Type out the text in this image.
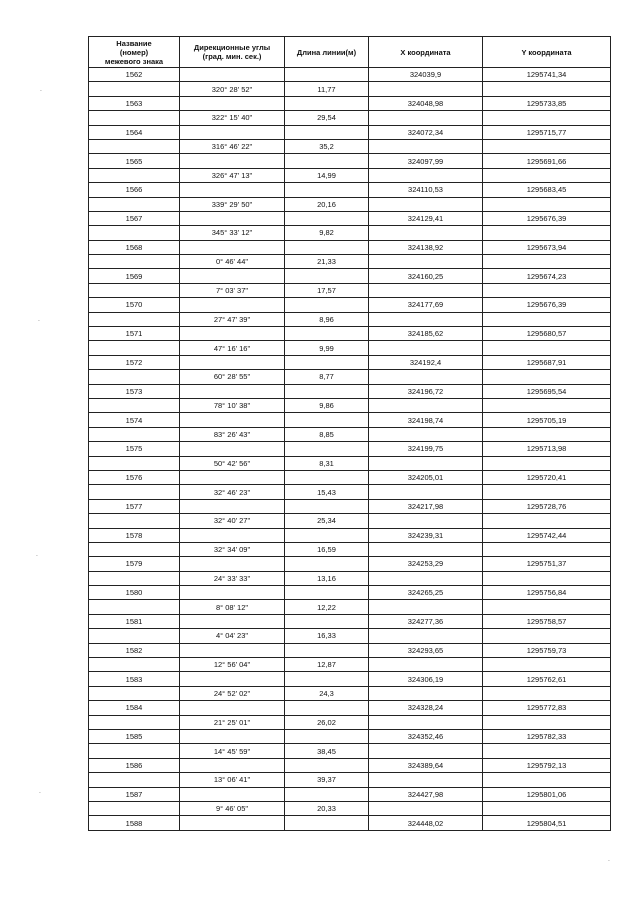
Название
(номер)
межевого знака	Дирекционные углы
(град. мин. сек.)	Длина линии(м)	X координата	Y координата
1562			324039,9	1295741,34
	320° 28' 52"	11,77		
1563			324048,98	1295733,85
	322° 15' 40"	29,54		
1564			324072,34	1295715,77
	316° 46' 22"	35,2		
1565			324097,99	1295691,66
	326° 47' 13"	14,99		
1566			324110,53	1295683,45
	339° 29' 50"	20,16		
1567			324129,41	1295676,39
	345° 33' 12"	9,82		
1568			324138,92	1295673,94
	0° 46' 44"	21,33		
1569			324160,25	1295674,23
	7° 03' 37"	17,57		
1570			324177,69	1295676,39
	27° 47' 39"	8,96		
1571			324185,62	1295680,57
	47° 16' 16"	9,99		
1572			324192,4	1295687,91
	60° 28' 55"	8,77		
1573			324196,72	1295695,54
	78° 10' 38"	9,86		
1574			324198,74	1295705,19
	83° 26' 43"	8,85		
1575			324199,75	1295713,98
	50° 42' 56"	8,31		
1576			324205,01	1295720,41
	32° 46' 23"	15,43		
1577			324217,98	1295728,76
	32° 40' 27"	25,34		
1578			324239,31	1295742,44
	32° 34' 09"	16,59		
1579			324253,29	1295751,37
	24° 33' 33"	13,16		
1580			324265,25	1295756,84
	8° 08' 12"	12,22		
1581			324277,36	1295758,57
	4° 04' 23"	16,33		
1582			324293,65	1295759,73
	12° 56' 04"	12,87		
1583			324306,19	1295762,61
	24° 52' 02"	24,3		
1584			324328,24	1295772,83
	21° 25' 01"	26,02		
1585			324352,46	1295782,33
	14° 45' 59"	38,45		
1586			324389,64	1295792,13
	13° 06' 41"	39,37		
1587			324427,98	1295801,06
	9° 46' 05"	20,33		
1588			324448,02	1295804,51
·
·
·
·
·
